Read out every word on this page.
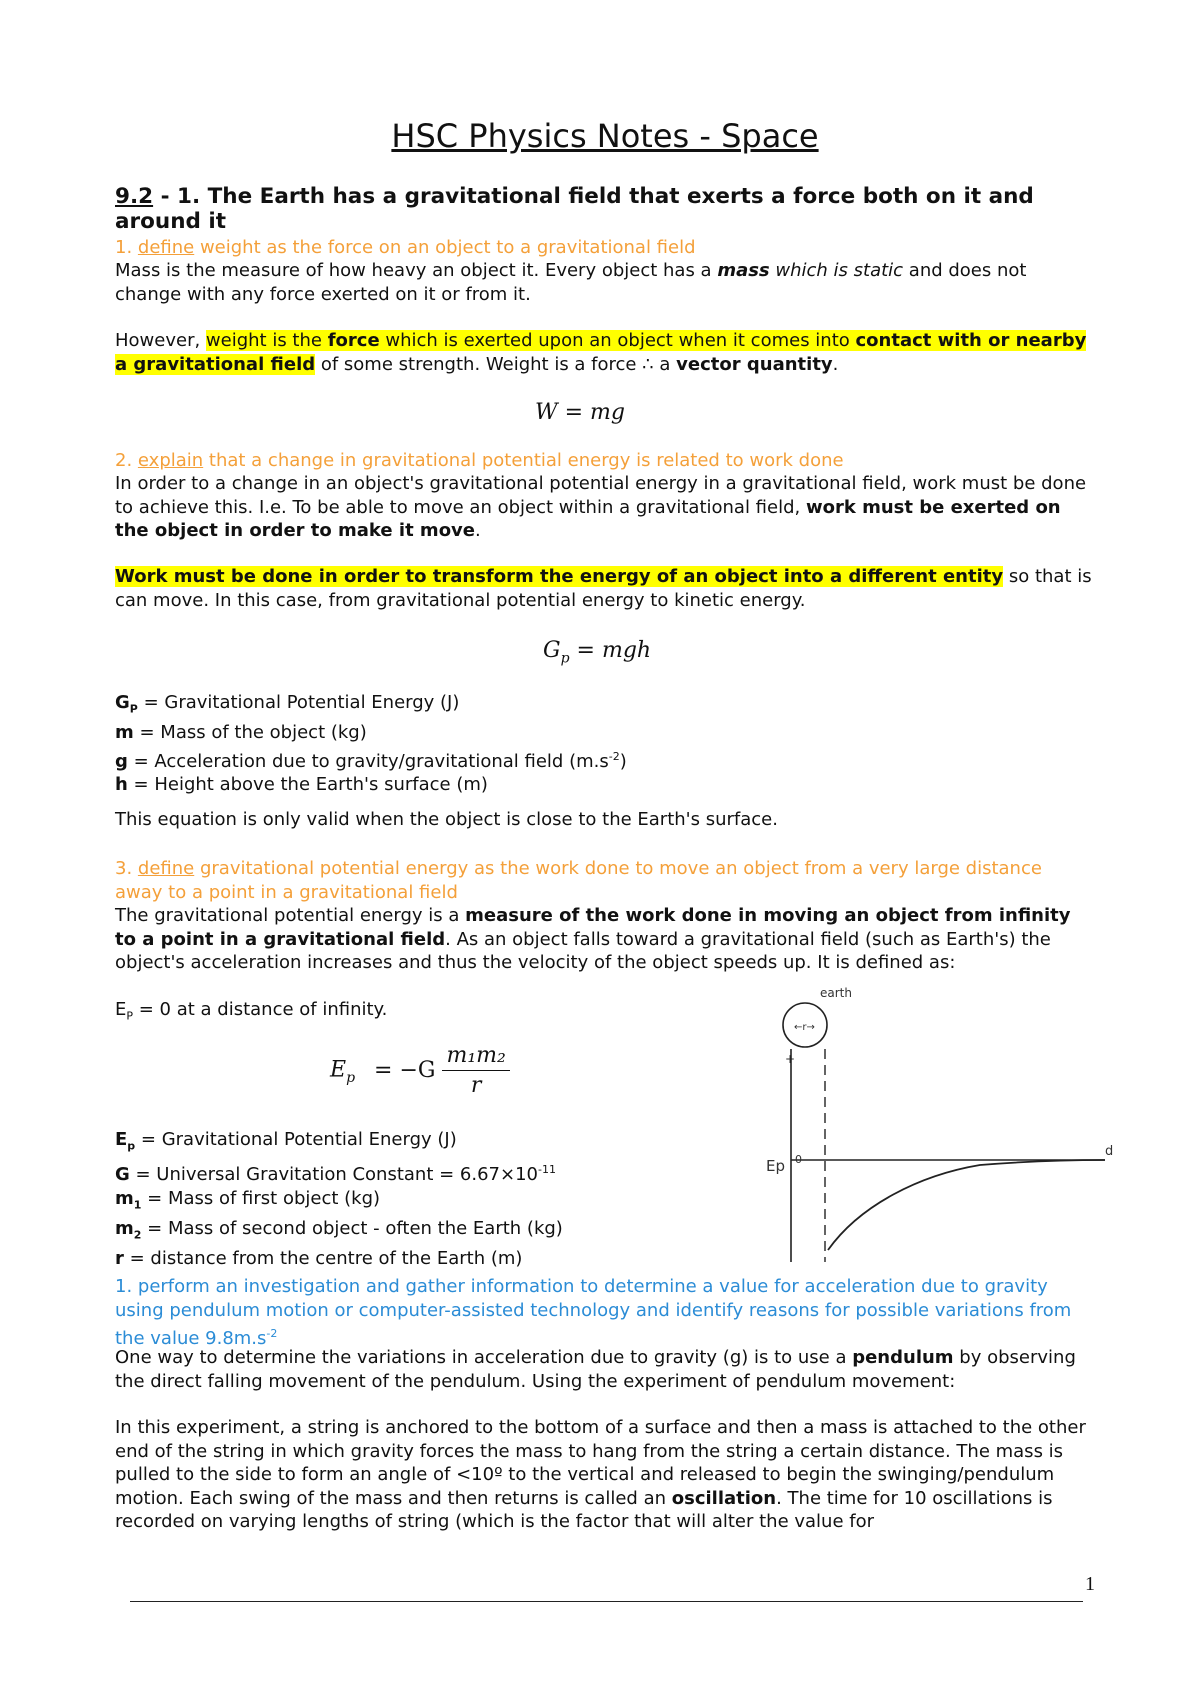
HSC Physics Notes - Space
9.2 - 1. The Earth has a gravitational field that exerts a force both on it and around it

1. define weight as the force on an object to a gravitational field

Mass is the measure of how heavy an object it. Every object has a mass which is static and does not change with any force exerted on it or from it.

However, weight is the force which is exerted upon an object when it comes into contact with or nearby a gravitational field of some strength. Weight is a force ∴ a vector quantity.

W = mg

2. explain that a change in gravitational potential energy is related to work done

In order to a change in an object's gravitational potential energy in a gravitational field, work must be done to achieve this. I.e. To be able to move an object within a gravitational field, work must be exerted on the object in order to make it move.

Work must be done in order to transform the energy of an object into a different entity so that is can move. In this case, from gravitational potential energy to kinetic energy.

$G_p$ = mgh
$G_P$ = Gravitational Potential Energy (J)
m = Mass of the object (kg)
g = Acceleration due to gravity/gravitational field $(m.s^{-2})$
h = Height above the Earth's surface (m)

This equation is only valid when the object is close to the Earth's surface.

3. define gravitational potential energy as the work done to move an object from a very large distance away to a point in a gravitational field

The gravitational potential energy is a measure of the work done in moving an object from infinity to a point in a gravitational field. As an object falls toward a gravitational field (such as Earth's) the object's acceleration increases and thus the velocity of the object speeds up. It is defined as:

$E_P = 0$ at a distance of infinity.

$E_p = -G \frac{\text{m₁m₂}}{r}$
$E_p$ = Gravitational Potential Energy (J)
G = Universal Gravitation Constant = $6.67\times 10^{-11}$
$m_1$ = Mass of first object (kg)
$m_2$ = Mass of second object - often the Earth (kg)
r = distance from the centre of the Earth (m)
earth
←r→
+
Ep 0
d

1. perform an investigation and gather information to determine a value for acceleration due to gravity using pendulum motion or computer-assisted technology and identify reasons for possible variations from the value $9.8m.s^{-2}$

One way to determine the variations in acceleration due to gravity (g) is to use a pendulum by observing the direct falling movement of the pendulum. Using the experiment of pendulum movement:

In this experiment, a string is anchored to the bottom of a surface and then a mass is attached to the other end of the string in which gravity forces the mass to hang from the string a certain distance. The mass is pulled to the side to form an angle of <10º to the vertical and released to begin the swinging/pendulum motion. Each swing of the mass and then returns is called an oscillation. The time for 10 oscillations is recorded on varying lengths of string (which is the factor that will alter the value for

1
